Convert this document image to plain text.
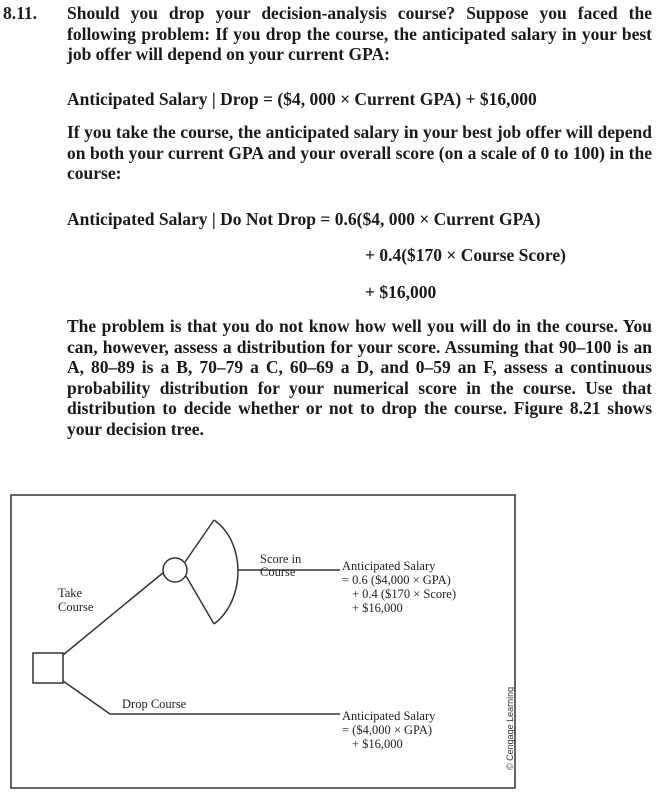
8.11. Should you drop your decision-analysis course? Suppose you faced the following problem: If you drop the course, the anticipated salary in your best job offer will depend on your current GPA:
Anticipated Salary | Drop = ($4, 000 × Current GPA) + $16,000
If you take the course, the anticipated salary in your best job offer will depend on both your current GPA and your overall score (on a scale of 0 to 100) in the course:
Anticipated Salary | Do Not Drop = 0.6($4, 000 × Current GPA)
+ 0.4($170 × Course Score)
+ $16,000
The problem is that you do not know how well you will do in the course. You can, however, assess a distribution for your score. Assuming that 90–100 is an A, 80–89 is a B, 70–79 a C, 60–69 a D, and 0–59 an F, assess a continuous probability distribution for your numerical score in the course. Use that distribution to decide whether or not to drop the course. Figure 8.21 shows your decision tree.
Take
Course
Drop Course
Score in
Course	Anticipated Salary
= 0.6 ($4,000 × GPA)
+ 0.4 ($170 × Score)
+ $16,000
Anticipated Salary
= ($4,000 × GPA)
+ $16,000	© Cengage Learning
